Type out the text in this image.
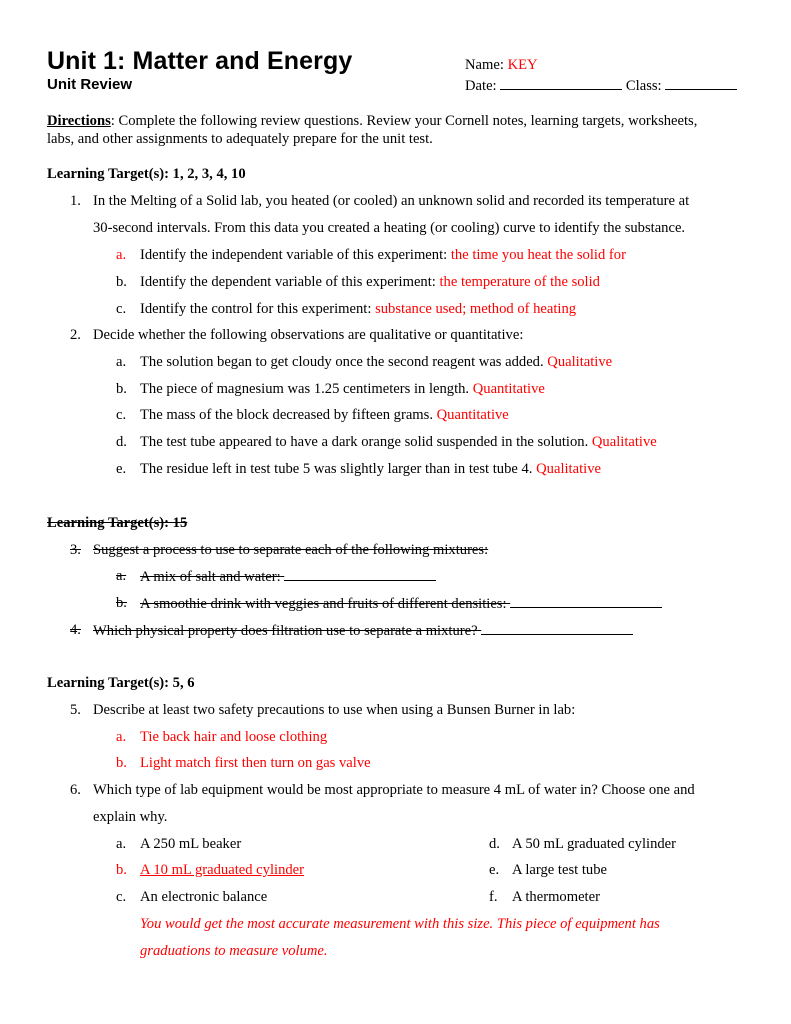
Unit 1: Matter and Energy
Unit Review
Name: KEY
Date:	Class:
Directions: Complete the following review questions. Review your Cornell notes, learning targets, worksheets,
labs, and other assignments to adequately prepare for the unit test.
Learning Target(s): 1, 2, 3, 4, 10
1. In the Melting of a Solid lab, you heated (or cooled) an unknown solid and recorded its temperature at
30-second intervals. From this data you created a heating (or cooling) curve to identify the substance.
a. Identify the independent variable of this experiment: the time you heat the solid for
b. Identify the dependent variable of this experiment: the temperature of the solid
c. Identify the control for this experiment: substance used; method of heating
2. Decide whether the following observations are qualitative or quantitative:
a. The solution began to get cloudy once the second reagent was added. Qualitative
b. The piece of magnesium was 1.25 centimeters in length. Quantitative
c. The mass of the block decreased by fifteen grams. Quantitative
d. The test tube appeared to have a dark orange solid suspended in the solution. Qualitative
e. The residue left in test tube 5 was slightly larger than in test tube 4. Qualitative
Learning Target(s): 15
3. Suggest a process to use to separate each of the following mixtures:
a. A mix of salt and water:
b. A smoothie drink with veggies and fruits of different densities:
4. Which physical property does filtration use to separate a mixture?
Learning Target(s): 5, 6
5. Describe at least two safety precautions to use when using a Bunsen Burner in lab:
a. Tie back hair and loose clothing
b. Light match first then turn on gas valve
6. Which type of lab equipment would be most appropriate to measure 4 mL of water in? Choose one and
explain why.
a. A 250 mL beaker
b. A 10 mL graduated cylinder
c. An electronic balance
d. A 50 mL graduated cylinder
e. A large test tube
f. A thermometer
You would get the most accurate measurement with this size. This piece of equipment has
graduations to measure volume.
